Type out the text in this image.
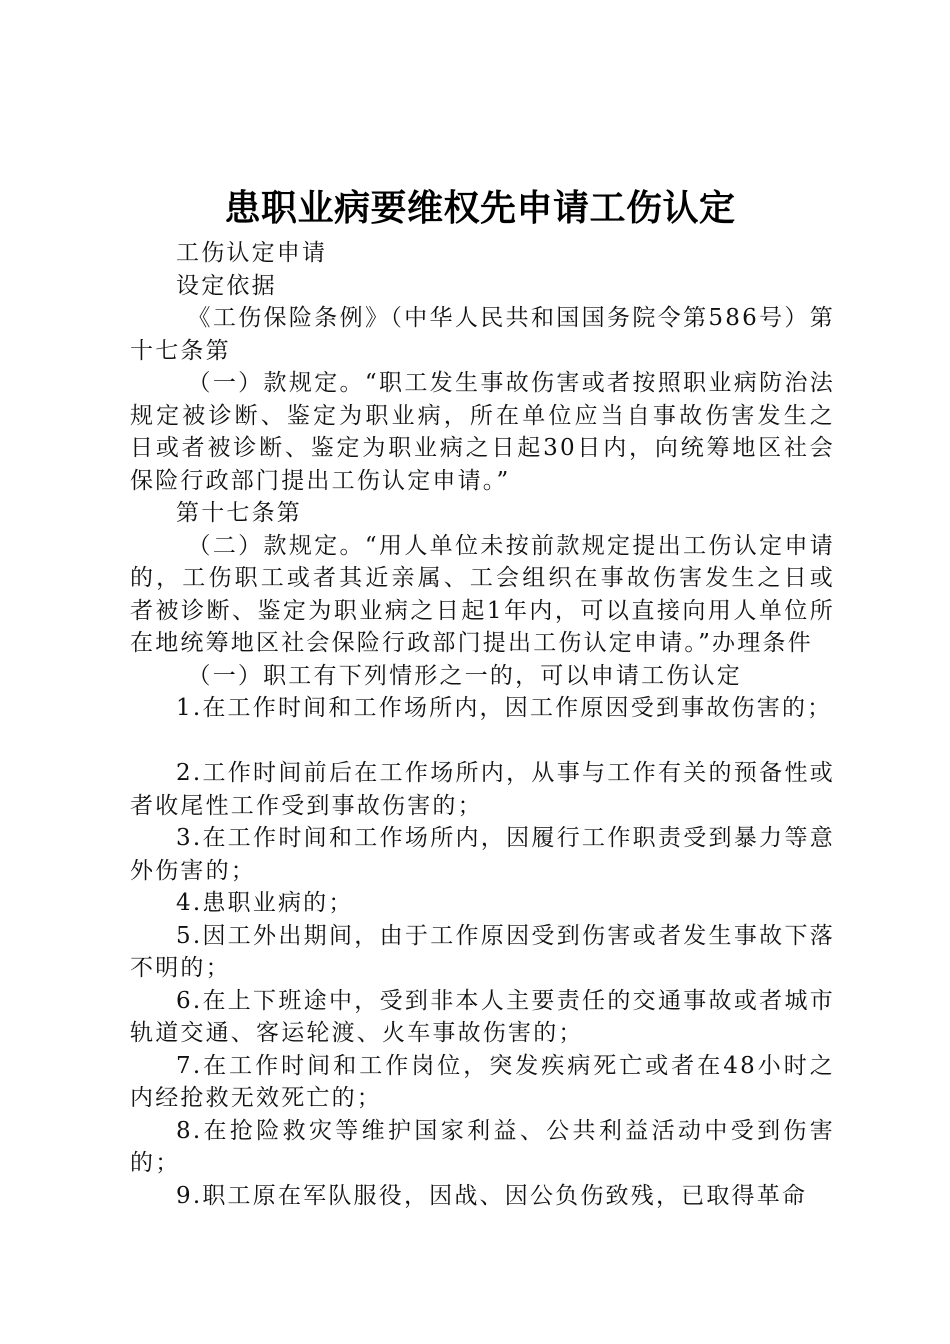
患职业病要维权先申请工伤认定

工伤认定申请

设定依据

《工伤保险条例》（中华人民共和国国务院令第586号）第十七条第

（一）款规定。“职工发生事故伤害或者按照职业病防治法规定被诊断、鉴定为职业病，所在单位应当自事故伤害发生之日或者被诊断、鉴定为职业病之日起30日内，向统筹地区社会保险行政部门提出工伤认定申请。”

第十七条第

（二）款规定。“用人单位未按前款规定提出工伤认定申请的，工伤职工或者其近亲属、工会组织在事故伤害发生之日或者被诊断、鉴定为职业病之日起1年内，可以直接向用人单位所在地统筹地区社会保险行政部门提出工伤认定申请。”办理条件

（一）职工有下列情形之一的，可以申请工伤认定

1.在工作时间和工作场所内，因工作原因受到事故伤害的；

2.工作时间前后在工作场所内，从事与工作有关的预备性或者收尾性工作受到事故伤害的；

3.在工作时间和工作场所内，因履行工作职责受到暴力等意外伤害的；

4.患职业病的；

5.因工外出期间，由于工作原因受到伤害或者发生事故下落不明的；

6.在上下班途中，受到非本人主要责任的交通事故或者城市轨道交通、客运轮渡、火车事故伤害的；

7.在工作时间和工作岗位，突发疾病死亡或者在48小时之内经抢救无效死亡的；

8.在抢险救灾等维护国家利益、公共利益活动中受到伤害的；

9.职工原在军队服役，因战、因公负伤致残，已取得革命
